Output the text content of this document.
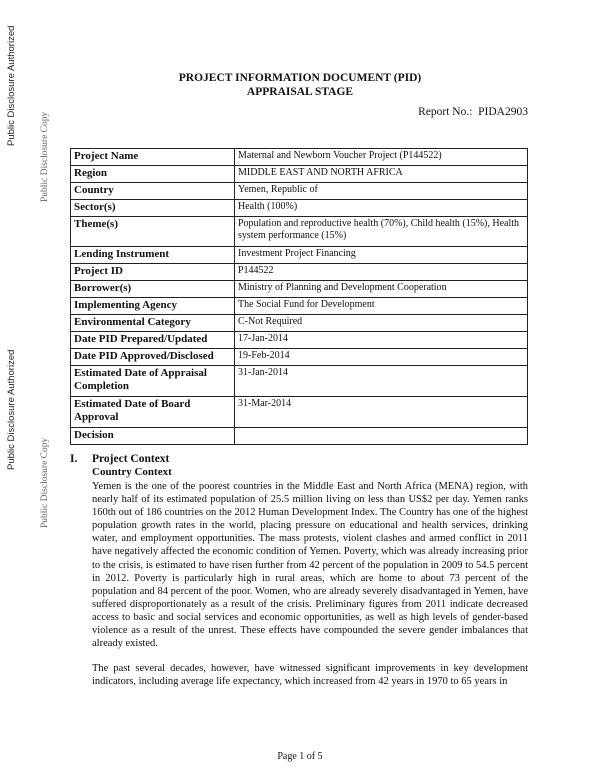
Public Disclosure Authorized
Public Disclosure Copy
Public Disclosure Authorized
Public Disclosure Copy
PROJECT INFORMATION DOCUMENT (PID)
APPRAISAL STAGE
Report No.: PIDA2903
Project Name	Maternal and Newborn Voucher Project (P144522)
Region	MIDDLE EAST AND NORTH AFRICA
Country	Yemen, Republic of
Sector(s)	Health (100%)
Theme(s)	Population and reproductive health (70%), Child health (15%), Health system performance (15%)
Lending Instrument	Investment Project Financing
Project ID	P144522
Borrower(s)	Ministry of Planning and Development Cooperation
Implementing Agency	The Social Fund for Development
Environmental Category	C-Not Required
Date PID Prepared/Updated	17-Jan-2014
Date PID Approved/Disclosed	19-Feb-2014
Estimated Date of Appraisal Completion	31-Jan-2014
Estimated Date of Board Approval	31-Mar-2014
Decision	
I. Project Context
Country Context

Yemen is the one of the poorest countries in the Middle East and North Africa (MENA) region, with nearly half of its estimated population of 25.5 million living on less than US$2 per day. Yemen ranks 160th out of 186 countries on the 2012 Human Development Index. The Country has one of the highest population growth rates in the world, placing pressure on educational and health services, drinking water, and employment opportunities. The mass protests, violent clashes and armed conflict in 2011 have negatively affected the economic condition of Yemen. Poverty, which was already increasing prior to the crisis, is estimated to have risen further from 42 percent of the population in 2009 to 54.5 percent in 2012. Poverty is particularly high in rural areas, which are home to about 73 percent of the population and 84 percent of the poor. Women, who are already severely disadvantaged in Yemen, have suffered disproportionately as a result of the crisis. Preliminary figures from 2011 indicate decreased access to basic and social services and economic opportunities, as well as high levels of gender-based violence as a result of the unrest. These effects have compounded the severe gender imbalances that already existed.

The past several decades, however, have witnessed significant improvements in key development indicators, including average life expectancy, which increased from 42 years in 1970 to 65 years in

Page 1 of 5
